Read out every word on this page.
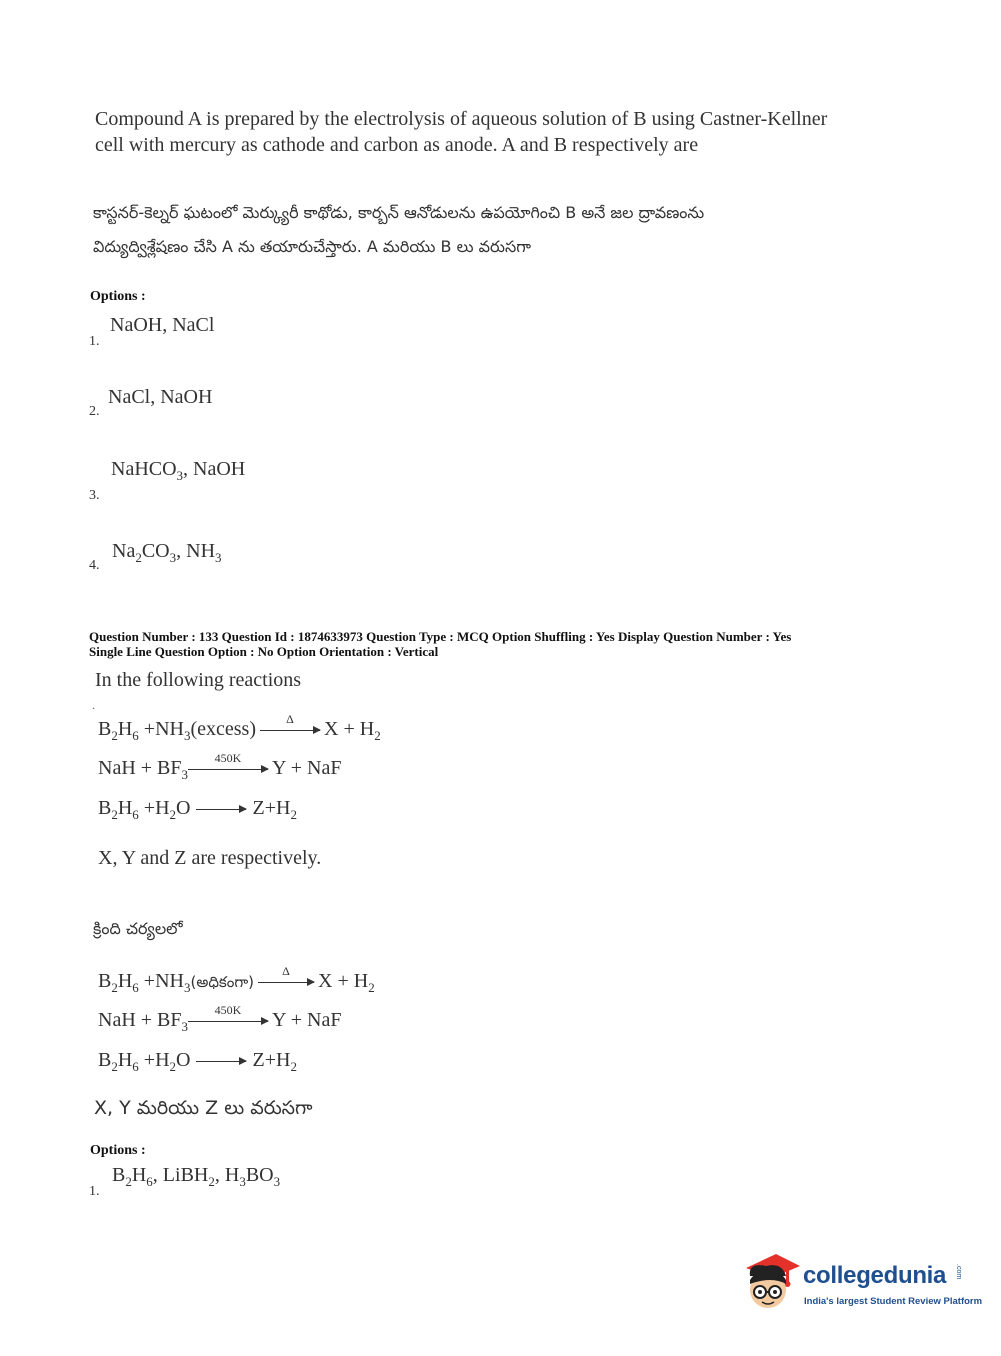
Compound A is prepared by the electrolysis of aqueous solution of B using Castner-Kellner
cell with mercury as cathode and carbon as anode. A and B respectively are
కాస్టనర్-కెల్నర్ ఘటంలో మెర్క్యురీ కాథోడు, కార్బన్ ఆనోడులను ఉపయోగించి B అనే జల ద్రావణంను
విద్యుద్విశ్లేషణం చేసి A ను తయారుచేస్తారు. A మరియు B లు వరుసగా
Options :
1.
NaOH, NaCl
2.
NaCl, NaOH
3.
NaHCO$_3$, NaOH
4.
$Na_2CO_3$, $NH_3$
Question Number : 133 Question Id : 1874633973 Question Type : MCQ Option Shuffling : Yes Display Question Number : Yes
Single Line Question Option : No Option Orientation : Vertical
In the following reactions
.
$B_2H_6$ $+NH_3(excess)$	Δ	$X + H_2$
NaH + $BF_3$
450K	Y + NaF
$B_2H_6 +H_2O$	$Z+H_2$
X, Y and Z are respectively.
క్రింది చర్యలలో
$B_2H_6$ $+NH_3(అధికంగా)$
Δ	$X + H_2$
NaH + $BF_3$
450K	Y + NaF
$B_2H_6 +H_2O$	$Z+H_2$
X, Y మరియు Z లు వరుసగా
Options :
1.
$B_2H_6$, LiBH$_2$, $H_3BO_3$
collegedunia .com
India's largest Student Review Platform
